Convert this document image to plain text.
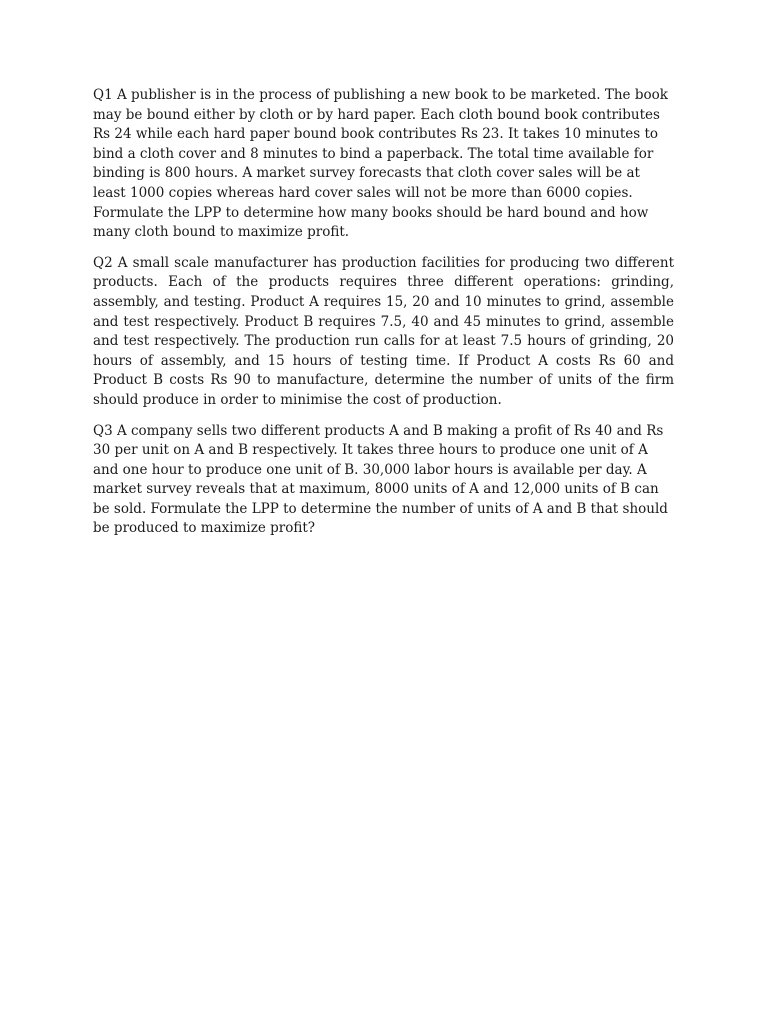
Q1 A publisher is in the process of publishing a new book to be marketed. The book may be bound either by cloth or by hard paper. Each cloth bound book contributes Rs 24 while each hard paper bound book contributes Rs 23. It takes 10 minutes to bind a cloth cover and 8 minutes to bind a paperback. The total time available for binding is 800 hours. A market survey forecasts that cloth cover sales will be at least 1000 copies whereas hard cover sales will not be more than 6000 copies. Formulate the LPP to determine how many books should be hard bound and how many cloth bound to maximize profit.

Q2 A small scale manufacturer has production facilities for producing two different products. Each of the products requires three different operations: grinding, assembly, and testing. Product A requires 15, 20 and 10 minutes to grind, assemble and test respectively. Product B requires 7.5, 40 and 45 minutes to grind, assemble and test respectively. The production run calls for at least 7.5 hours of grinding, 20 hours of assembly, and 15 hours of testing time. If Product A costs Rs 60 and Product B costs Rs 90 to manufacture, determine the number of units of the firm should produce in order to minimise the cost of production.

Q3 A company sells two different products A and B making a profit of Rs 40 and Rs 30 per unit on A and B respectively. It takes three hours to produce one unit of A and one hour to produce one unit of B. 30,000 labor hours is available per day. A market survey reveals that at maximum, 8000 units of A and 12,000 units of B can be sold. Formulate the LPP to determine the number of units of A and B that should be produced to maximize profit?
